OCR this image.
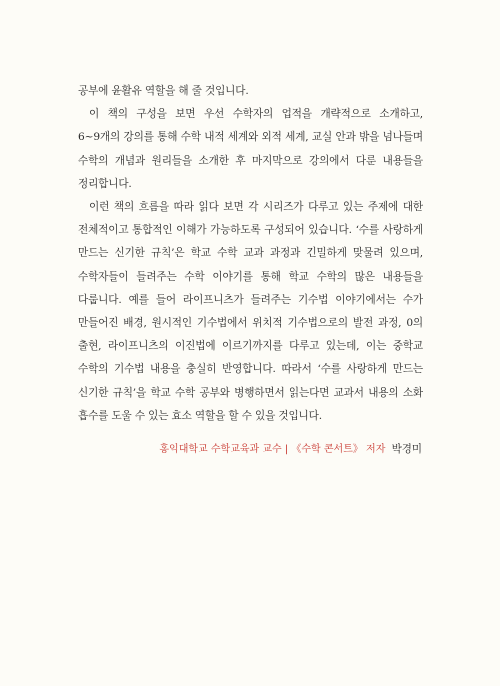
공부에 윤활유 역할을 해 줄 것입니다.

이 책의 구성을 보면 우선 수학자의 업적을 개략적으로 소개하고, 6~9개의 강의를 통해 수학 내적 세계와 외적 세계, 교실 안과 밖을 넘나들며 수학의 개념과 원리들을 소개한 후 마지막으로 강의에서 다룬 내용들을 정리합니다.

이런 책의 흐름을 따라 읽다 보면 각 시리즈가 다루고 있는 주제에 대한 전체적이고 통합적인 이해가 가능하도록 구성되어 있습니다. ‘수를 사랑하게 만드는 신기한 규칙’은 학교 수학 교과 과정과 긴밀하게 맞물려 있으며, 수학자들이 들려주는 수학 이야기를 통해 학교 수학의 많은 내용들을 다룹니다. 예를 들어 라이프니츠가 들려주는 기수법 이야기에서는 수가 만들어진 배경, 원시적인 기수법에서 위치적 기수법으로의 발전 과정, 0의 출현, 라이프니츠의 이진법에 이르기까지를 다루고 있는데, 이는 중학교 수학의 기수법 내용을 충실히 반영합니다. 따라서 ‘수를 사랑하게 만드는 신기한 규칙’을 학교 수학 공부와 병행하면서 읽는다면 교과서 내용의 소화 흡수를 도울 수 있는 효소 역할을 할 수 있을 것입니다.

홍익대학교 수학교육과 교수 | 《수학 콘서트》 저자 박경미
